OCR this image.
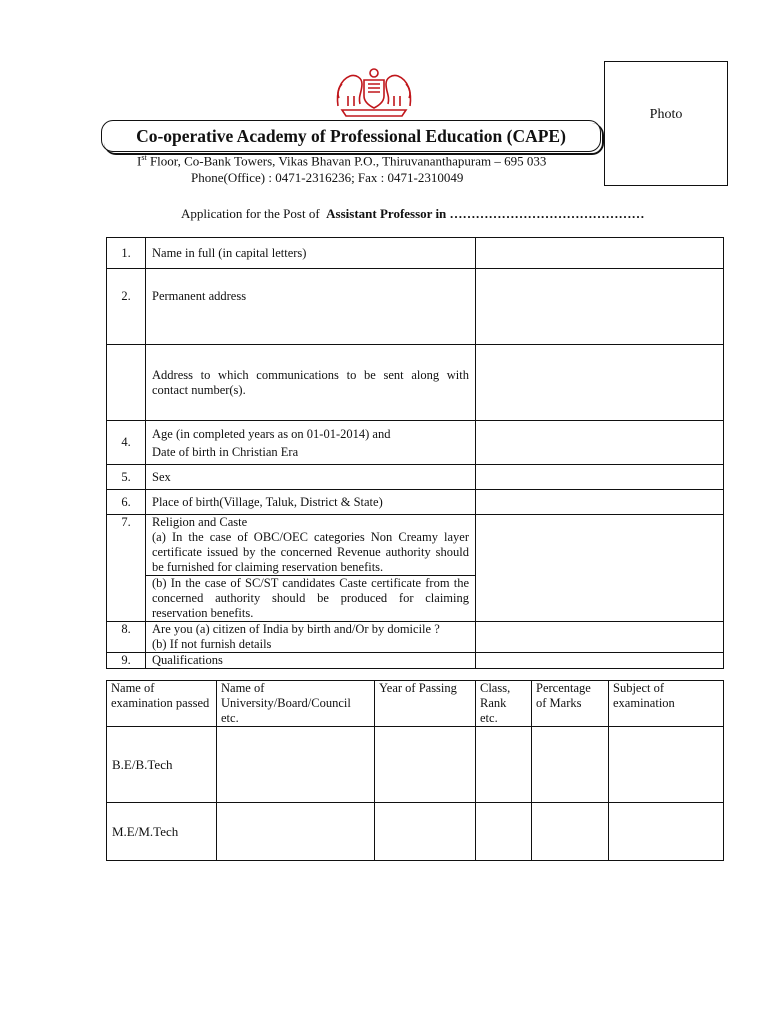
Photo
Co-operative Academy of Professional Education (CAPE)
Ist Floor, Co-Bank Towers, Vikas Bhavan P.O., Thiruvananthapuram – 695 033
Phone(Office) : 0471-2316236; Fax : 0471-2310049
Application for the Post of Assistant Professor in ………………………………………
1.	Name in full (in capital letters)	
2.	Permanent address	
	Address to which communications to be sent along with contact number(s).	
4.	Age (in completed years as on 01-01-2014) and
Date of birth in Christian Era	

5.	Sex	
6.	Place of birth(Village, Taluk, District & State)	
7.	Religion and Caste
(a) In the case of OBC/OEC categories Non Creamy layer certificate issued by the concerned Revenue authority should be furnished for claiming reservation benefits.	

	(b) In the case of SC/ST candidates Caste certificate from the concerned authority should be produced for claiming reservation benefits.	
8.	Are you (a) citizen of India by birth and/Or by domicile ?
(b) If not furnish details	

9.	Qualifications	
Name of examination passed	Name of University/Board/Council etc.	Year of Passing	Class, Rank etc.	Percentage of Marks	Subject of examination
B.E/B.Tech					
M.E/M.Tech					
